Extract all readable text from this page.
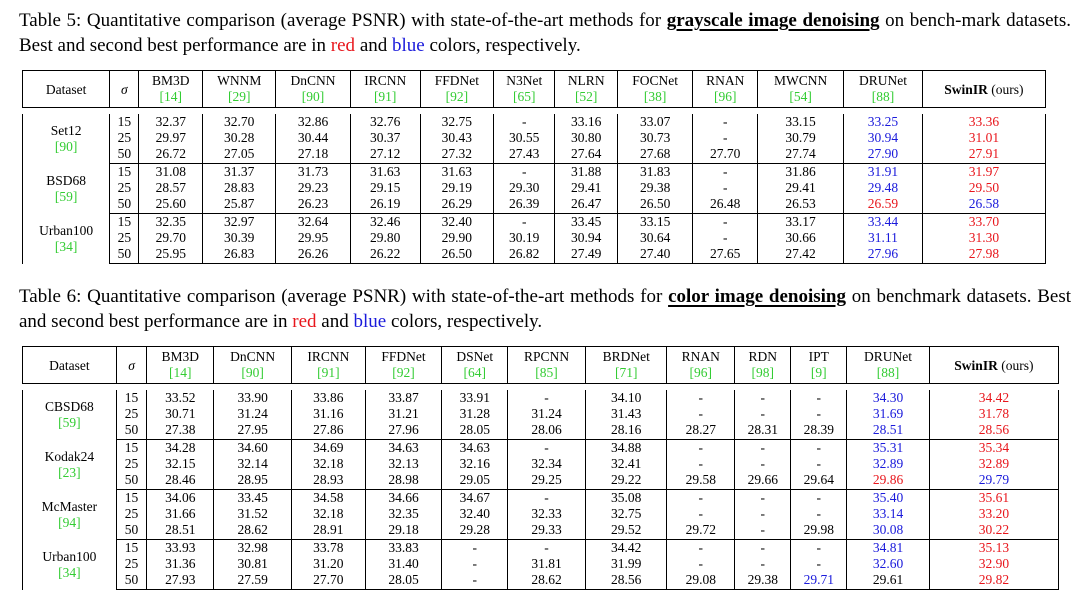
Table 5: Quantitative comparison (average PSNR) with state-of-the-art methods for grayscale image denoising on bench-mark datasets. Best and second best performance are in red and blue colors, respectively.
Dataset	σ	BM3D	WNNM	DnCNN	IRCNN	FFDNet	N3Net	NLRN	FOCNet	RNAN	MWCNN	DRUNet	SwinIR (ours)
		[14]	[29]	[90]	[91]	[92]	[65]	[52]	[38]	[96]	[54]	[88]	

Set12
[90]	15	32.37	32.70	32.86	32.76	32.75	-	33.16	33.07	-	33.15	33.25	33.36
	25	29.97	30.28	30.44	30.37	30.43	30.55	30.80	30.73	-	30.79	30.94	31.01
	50	26.72	27.05	27.18	27.12	27.32	27.43	27.64	27.68	27.70	27.74	27.90	27.91

BSD68
[59]	15	31.08	31.37	31.73	31.63	31.63	-	31.88	31.83	-	31.86	31.91	31.97
	25	28.57	28.83	29.23	29.15	29.19	29.30	29.41	29.38	-	29.41	29.48	29.50
	50	25.60	25.87	26.23	26.19	26.29	26.39	26.47	26.50	26.48	26.53	26.59	26.58

Urban100
[34]	15	32.35	32.97	32.64	32.46	32.40	-	33.45	33.15	-	33.17	33.44	33.70
	25	29.70	30.39	29.95	29.80	29.90	30.19	30.94	30.64	-	30.66	31.11	31.30
	50	25.95	26.83	26.26	26.22	26.50	26.82	27.49	27.40	27.65	27.42	27.96	27.98
Table 6: Quantitative comparison (average PSNR) with state-of-the-art methods for color image denoising on benchmark datasets. Best and second best performance are in red and blue colors, respectively.
Dataset	σ	BM3D	DnCNN	IRCNN	FFDNet	DSNet	RPCNN	BRDNet	RNAN	RDN	IPT	DRUNet	SwinIR (ours)
		[14]	[90]	[91]	[92]	[64]	[85]	[71]	[96]	[98]	[9]	[88]	

CBSD68
[59]	15	33.52	33.90	33.86	33.87	33.91	-	34.10	-	-	-	34.30	34.42
	25	30.71	31.24	31.16	31.21	31.28	31.24	31.43	-	-	-	31.69	31.78
	50	27.38	27.95	27.86	27.96	28.05	28.06	28.16	28.27	28.31	28.39	28.51	28.56

Kodak24
[23]	15	34.28	34.60	34.69	34.63	34.63	-	34.88	-	-	-	35.31	35.34
	25	32.15	32.14	32.18	32.13	32.16	32.34	32.41	-	-	-	32.89	32.89
	50	28.46	28.95	28.93	28.98	29.05	29.25	29.22	29.58	29.66	29.64	29.86	29.79

McMaster
[94]	15	34.06	33.45	34.58	34.66	34.67	-	35.08	-	-	-	35.40	35.61
	25	31.66	31.52	32.18	32.35	32.40	32.33	32.75	-	-	-	33.14	33.20
	50	28.51	28.62	28.91	29.18	29.28	29.33	29.52	29.72	-	29.98	30.08	30.22

Urban100
[34]	15	33.93	32.98	33.78	33.83	-	-	34.42	-	-	-	34.81	35.13
	25	31.36	30.81	31.20	31.40	-	31.81	31.99	-	-	-	32.60	32.90
	50	27.93	27.59	27.70	28.05	-	28.62	28.56	29.08	29.38	29.71	29.61	29.82
